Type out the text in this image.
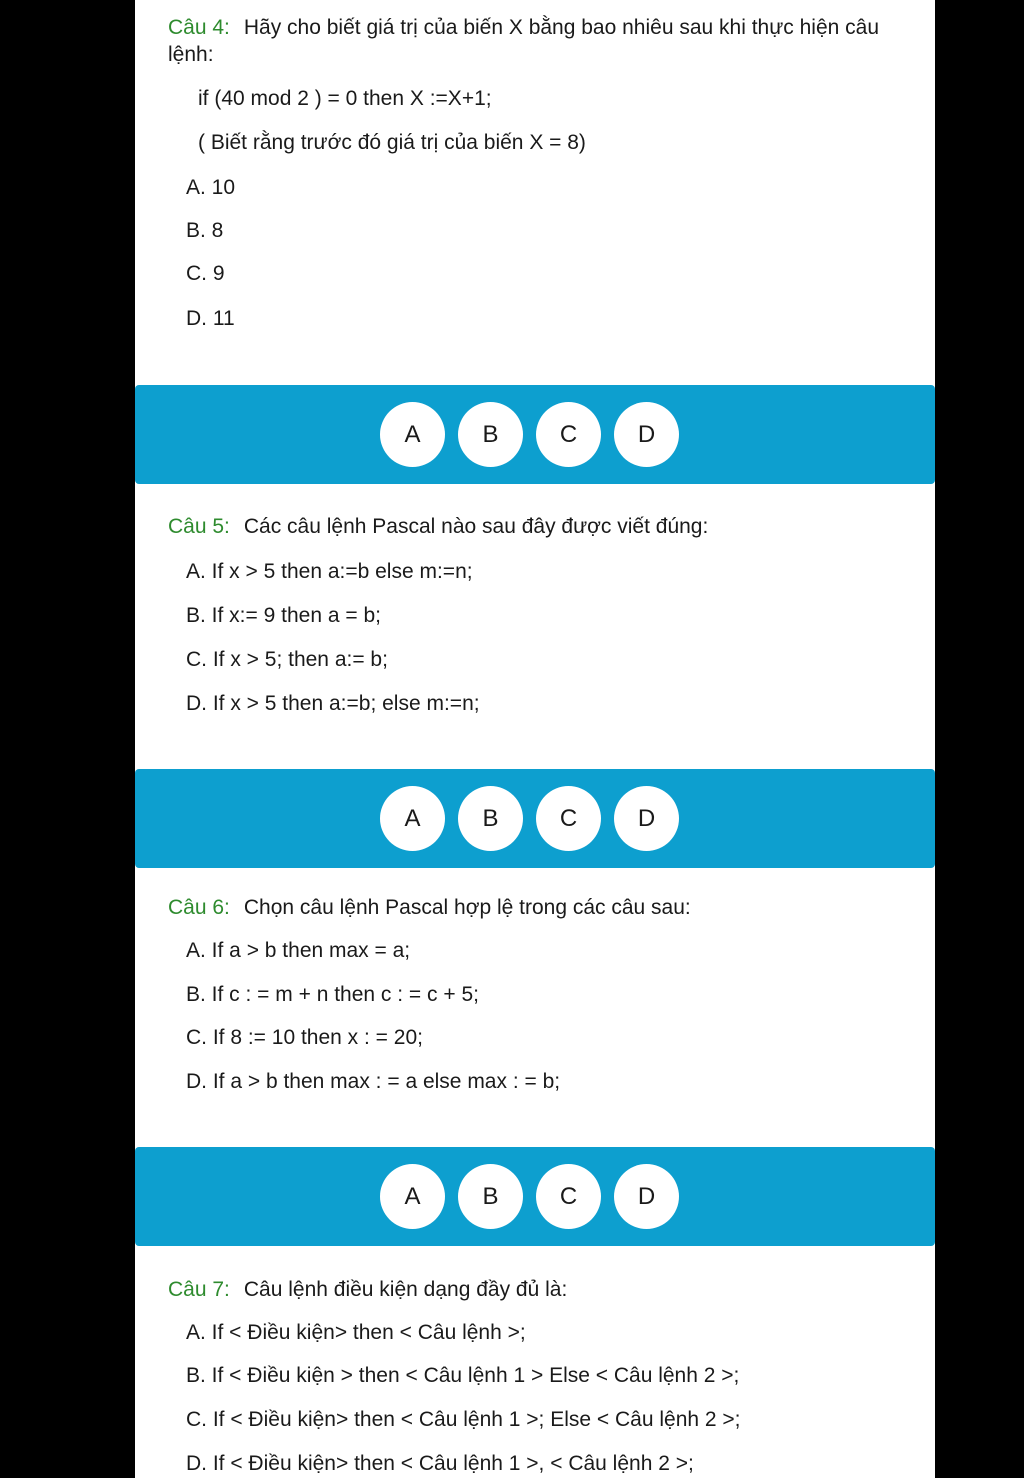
Câu 4: Hãy cho biết giá trị của biến X bằng bao nhiêu sau khi thực hiện câu lệnh:
if (40 mod 2 ) = 0 then X :=X+1;
( Biết rằng trước đó giá trị của biến X = 8)
A. 10
B. 8
C. 9
D. 11
A	B	C	D
Câu 5: Các câu lệnh Pascal nào sau đây được viết đúng:
A. If x > 5 then a:=b else m:=n;
B. If x:= 9 then a = b;
C. If x > 5; then a:= b;
D. If x > 5 then a:=b; else m:=n;
A	B	C	D
Câu 6: Chọn câu lệnh Pascal hợp lệ trong các câu sau:
A. If a > b then max = a;
B. If c : = m + n then c : = c + 5;
C. If 8 := 10 then x : = 20;
D. If a > b then max : = a else max : = b;
A	B	C	D
Câu 7: Câu lệnh điều kiện dạng đầy đủ là:
A. If < Điều kiện> then < Câu lệnh >;
B. If < Điều kiện > then < Câu lệnh 1 > Else < Câu lệnh 2 >;
C. If < Điều kiện> then < Câu lệnh 1 >; Else < Câu lệnh 2 >;
D. If < Điều kiện> then < Câu lệnh 1 >, < Câu lệnh 2 >;
